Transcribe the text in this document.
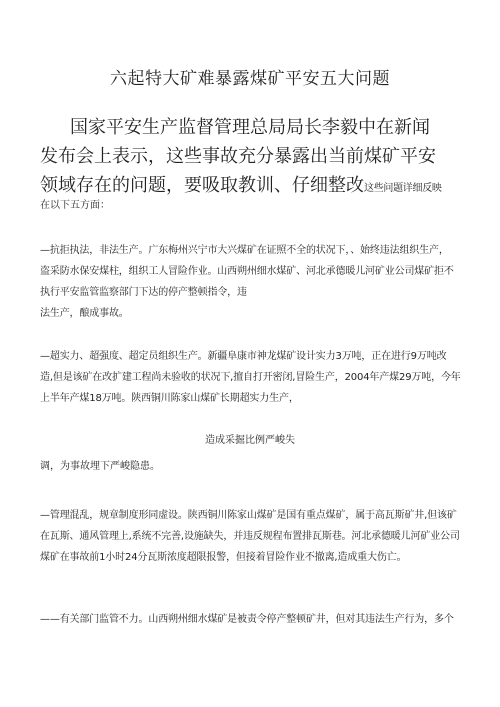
六起特大矿难暴露煤矿平安五大问题
国家平安生产监督管理总局局长李毅中在新闻
发布会上表示，这些事故充分暴露出当前煤矿平安
领域存在的问题，要吸取教训、仔细整改这些问题详细反映
在以下五方面：
—抗拒执法，非法生产。广东梅州兴宁市大兴煤矿在证照不全的状况下，、始终违法组织生产，
盗采防水保安煤柱，组织工人冒险作业。山西朔州细水煤矿、河北承德暖儿河矿业公司煤矿拒不
执行平安监管监察部门下达的停产整顿指令，违
法生产，酿成事故。
—超实力、超强度、超定员组织生产。新疆阜康市神龙煤矿设计实力3万吨，正在进行9万吨改
造,但是该矿在改扩建工程尚未验收的状况下,擅自打开密闭,冒险生产，2004年产煤29万吨，今年
上半年产煤18万吨。陕西铜川陈家山煤矿长期超实力生产，
造成采掘比例严峻失
调，为事故埋下严峻隐患。
—管理混乱，规章制度形同虚设。陕西铜川陈家山煤矿是国有重点煤矿，属于高瓦斯矿井,但该矿
在瓦斯、通风管理上,系统不完善,设施缺失，并违反规程布置排瓦斯巷。河北承德暖儿河矿业公司
煤矿在事故前1小时24分瓦斯浓度超限报警，但接着冒险作业不撤离,造成重大伤亡。
——有关部门监管不力。山西朔州细水煤矿是被责令停产整顿矿井，但对其违法生产行为，多个
